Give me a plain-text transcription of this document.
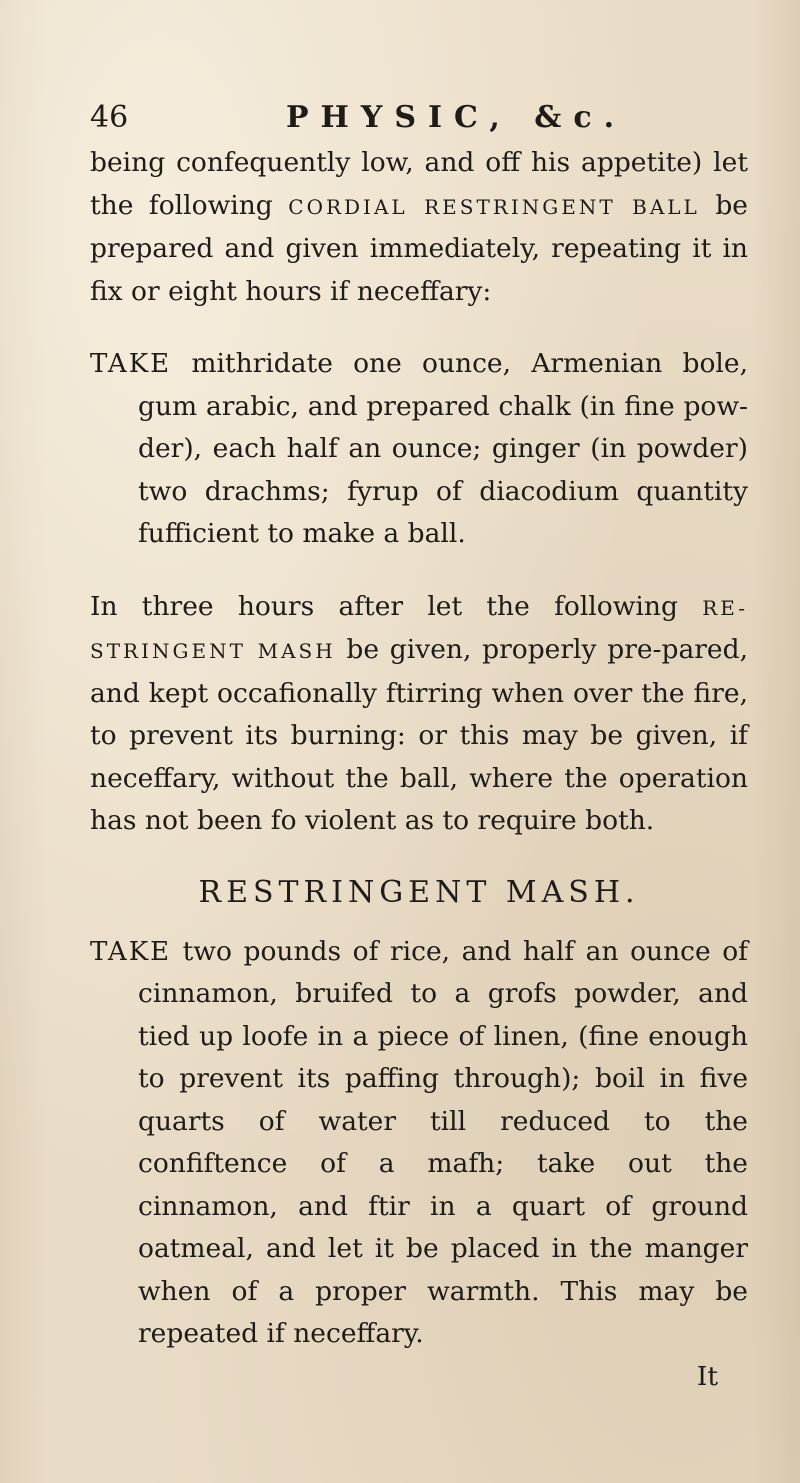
46	PHYSIC, &c.

being confequently low, and off his appetite) let the following CORDIAL RESTRINGENT BALL be prepared and given immediately, repeating it in fix or eight hours if neceffary:

TAKE mithridate one ounce, Armenian bole, gum arabic, and prepared chalk (in fine pow-der), each half an ounce; ginger (in powder) two drachms; fyrup of diacodium quantity fufficient to make a ball.

In three hours after let the following RE-STRINGENT MASH be given, properly pre-pared, and kept occafionally ftirring when over the fire, to prevent its burning: or this may be given, if neceffary, without the ball, where the operation has not been fo violent as to require both.

RESTRINGENT MASH.

TAKE two pounds of rice, and half an ounce of cinnamon, bruifed to a grofs powder, and tied up loofe in a piece of linen, (fine enough to prevent its paffing through); boil in five quarts of water till reduced to the confiftence of a mafh; take out the cinnamon, and ftir in a quart of ground oatmeal, and let it be placed in the manger when of a proper warmth. This may be repeated if neceffary.

It
